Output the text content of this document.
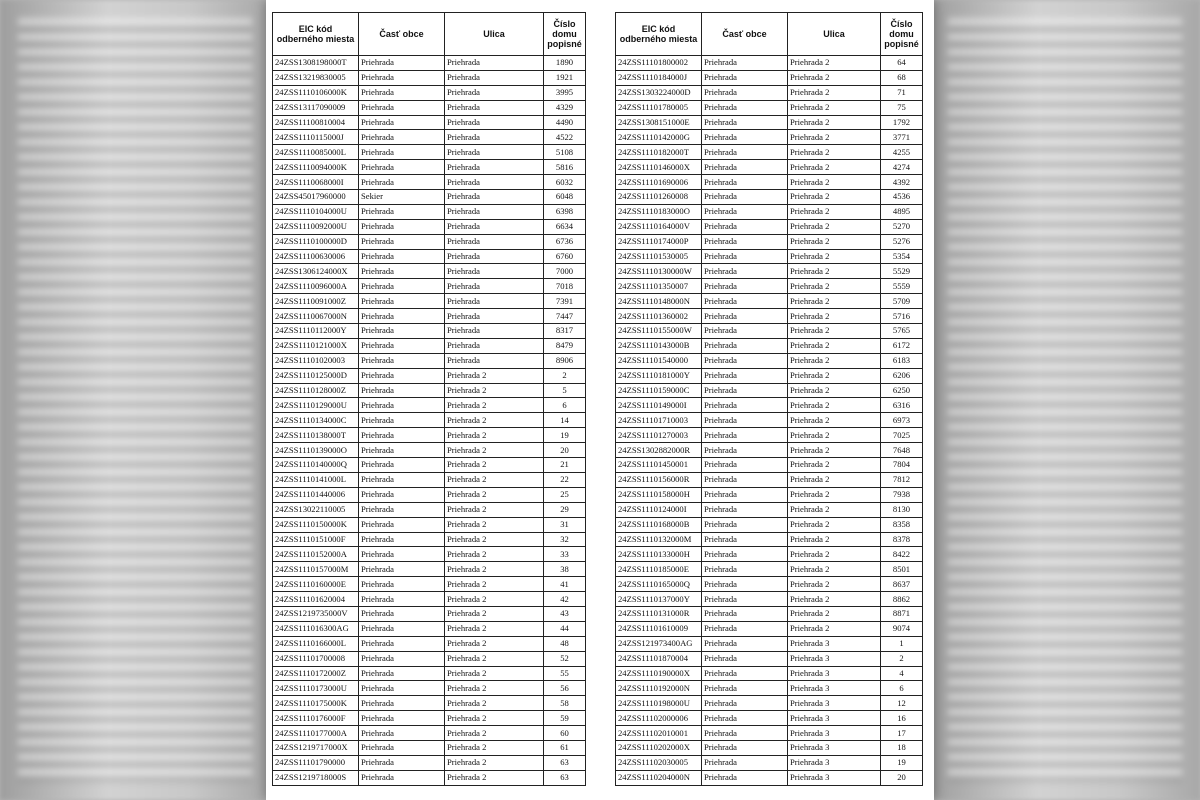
EIC kód odberného miesta	Časť obce	Ulica	Číslo domu popisné
24ZSS1308198000T	Priehrada	Priehrada	1890
24ZSS13219830005	Priehrada	Priehrada	1921
24ZSS1110106000K	Priehrada	Priehrada	3995
24ZSS13117090009	Priehrada	Priehrada	4329
24ZSS11100810004	Priehrada	Priehrada	4490
24ZSS1110115000J	Priehrada	Priehrada	4522
24ZSS1110085000L	Priehrada	Priehrada	5108
24ZSS1110094000K	Priehrada	Priehrada	5816
24ZSS1110068000I	Priehrada	Priehrada	6032
24ZSS45017960000	Sekier	Priehrada	6048
24ZSS1110104000U	Priehrada	Priehrada	6398
24ZSS1110092000U	Priehrada	Priehrada	6634
24ZSS1110100000D	Priehrada	Priehrada	6736
24ZSS11100630006	Priehrada	Priehrada	6760
24ZSS1306124000X	Priehrada	Priehrada	7000
24ZSS1110096000A	Priehrada	Priehrada	7018
24ZSS1110091000Z	Priehrada	Priehrada	7391
24ZSS1110067000N	Priehrada	Priehrada	7447
24ZSS1110112000Y	Priehrada	Priehrada	8317
24ZSS1110121000X	Priehrada	Priehrada	8479
24ZSS11101020003	Priehrada	Priehrada	8906
24ZSS1110125000D	Priehrada	Priehrada 2	2
24ZSS1110128000Z	Priehrada	Priehrada 2	5
24ZSS1110129000U	Priehrada	Priehrada 2	6
24ZSS1110134000C	Priehrada	Priehrada 2	14
24ZSS1110138000T	Priehrada	Priehrada 2	19
24ZSS1110139000O	Priehrada	Priehrada 2	20
24ZSS1110140000Q	Priehrada	Priehrada 2	21
24ZSS1110141000L	Priehrada	Priehrada 2	22
24ZSS11101440006	Priehrada	Priehrada 2	25
24ZSS13022110005	Priehrada	Priehrada 2	29
24ZSS1110150000K	Priehrada	Priehrada 2	31
24ZSS1110151000F	Priehrada	Priehrada 2	32
24ZSS1110152000A	Priehrada	Priehrada 2	33
24ZSS1110157000M	Priehrada	Priehrada 2	38
24ZSS1110160000E	Priehrada	Priehrada 2	41
24ZSS11101620004	Priehrada	Priehrada 2	42
24ZSS1219735000V	Priehrada	Priehrada 2	43
24ZSS111016300AG	Priehrada	Priehrada 2	44
24ZSS1110166000L	Priehrada	Priehrada 2	48
24ZSS11101700008	Priehrada	Priehrada 2	52
24ZSS1110172000Z	Priehrada	Priehrada 2	55
24ZSS1110173000U	Priehrada	Priehrada 2	56
24ZSS1110175000K	Priehrada	Priehrada 2	58
24ZSS1110176000F	Priehrada	Priehrada 2	59
24ZSS1110177000A	Priehrada	Priehrada 2	60
24ZSS1219717000X	Priehrada	Priehrada 2	61
24ZSS11101790000	Priehrada	Priehrada 2	63
24ZSS1219718000S	Priehrada	Priehrada 2	63
EIC kód odberného miesta	Časť obce	Ulica	Číslo domu popisné
24ZSS11101800002	Priehrada	Priehrada 2	64
24ZSS1110184000J	Priehrada	Priehrada 2	68
24ZSS1303224000D	Priehrada	Priehrada 2	71
24ZSS11101780005	Priehrada	Priehrada 2	75
24ZSS1308151000E	Priehrada	Priehrada 2	1792
24ZSS1110142000G	Priehrada	Priehrada 2	3771
24ZSS1110182000T	Priehrada	Priehrada 2	4255
24ZSS1110146000X	Priehrada	Priehrada 2	4274
24ZSS11101690006	Priehrada	Priehrada 2	4392
24ZSS11101260008	Priehrada	Priehrada 2	4536
24ZSS1110183000O	Priehrada	Priehrada 2	4895
24ZSS1110164000V	Priehrada	Priehrada 2	5270
24ZSS1110174000P	Priehrada	Priehrada 2	5276
24ZSS11101530005	Priehrada	Priehrada 2	5354
24ZSS1110130000W	Priehrada	Priehrada 2	5529
24ZSS11101350007	Priehrada	Priehrada 2	5559
24ZSS1110148000N	Priehrada	Priehrada 2	5709
24ZSS11101360002	Priehrada	Priehrada 2	5716
24ZSS1110155000W	Priehrada	Priehrada 2	5765
24ZSS1110143000B	Priehrada	Priehrada 2	6172
24ZSS11101540000	Priehrada	Priehrada 2	6183
24ZSS1110181000Y	Priehrada	Priehrada 2	6206
24ZSS1110159000C	Priehrada	Priehrada 2	6250
24ZSS1110149000I	Priehrada	Priehrada 2	6316
24ZSS11101710003	Priehrada	Priehrada 2	6973
24ZSS11101270003	Priehrada	Priehrada 2	7025
24ZSS1302882000R	Priehrada	Priehrada 2	7648
24ZSS11101450001	Priehrada	Priehrada 2	7804
24ZSS1110156000R	Priehrada	Priehrada 2	7812
24ZSS1110158000H	Priehrada	Priehrada 2	7938
24ZSS1110124000I	Priehrada	Priehrada 2	8130
24ZSS1110168000B	Priehrada	Priehrada 2	8358
24ZSS1110132000M	Priehrada	Priehrada 2	8378
24ZSS1110133000H	Priehrada	Priehrada 2	8422
24ZSS1110185000E	Priehrada	Priehrada 2	8501
24ZSS1110165000Q	Priehrada	Priehrada 2	8637
24ZSS1110137000Y	Priehrada	Priehrada 2	8862
24ZSS1110131000R	Priehrada	Priehrada 2	8871
24ZSS11101610009	Priehrada	Priehrada 2	9074
24ZSS121973400AG	Priehrada	Priehrada 3	1
24ZSS11101870004	Priehrada	Priehrada 3	2
24ZSS1110190000X	Priehrada	Priehrada 3	4
24ZSS1110192000N	Priehrada	Priehrada 3	6
24ZSS1110198000U	Priehrada	Priehrada 3	12
24ZSS11102000006	Priehrada	Priehrada 3	16
24ZSS11102010001	Priehrada	Priehrada 3	17
24ZSS1110202000X	Priehrada	Priehrada 3	18
24ZSS11102030005	Priehrada	Priehrada 3	19
24ZSS1110204000N	Priehrada	Priehrada 3	20
